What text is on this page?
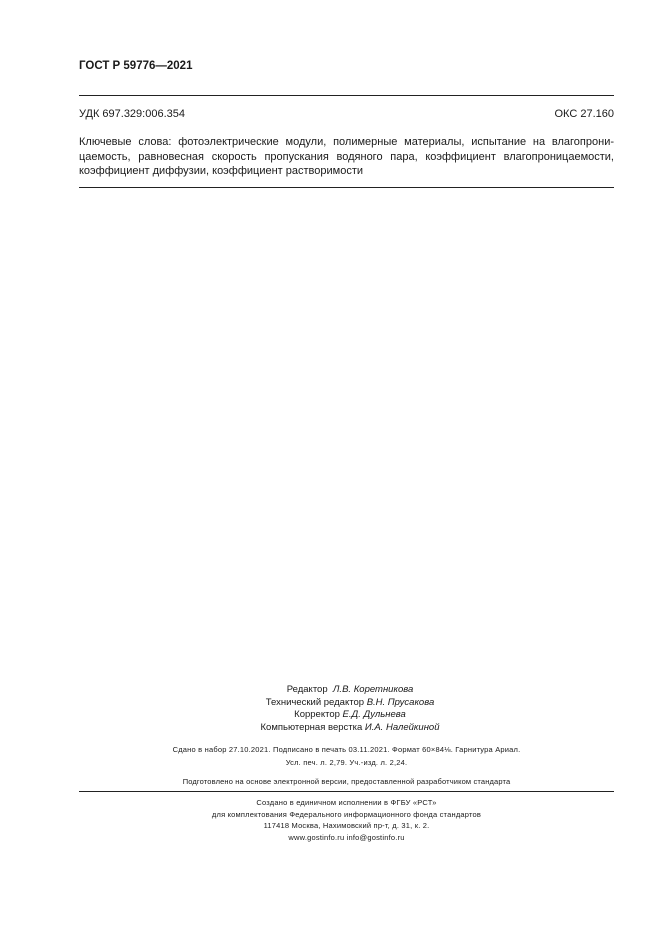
ГОСТ Р 59776—2021
УДК 697.329:006.354	ОКС 27.160
Ключевые слова: фотоэлектрические модули, полимерные материалы, испытание на влагопрони-цаемость, равновесная скорость пропускания водяного пара, коэффициент влагопроницаемости, коэффициент диффузии, коэффициент растворимости
Редактор Л.В. Коретникова
Технический редактор В.Н. Прусакова
Корректор Е.Д. Дульнева
Компьютерная верстка И.А. Налейкиной
Сдано в набор 27.10.2021. Подписано в печать 03.11.2021. Формат 60×84⅛. Гарнитура Ариал.
Усл. печ. л. 2,79. Уч.-изд. л. 2,24.
Подготовлено на основе электронной версии, предоставленной разработчиком стандарта
Создано в единичном исполнении в ФГБУ «РСТ»
для комплектования Федерального информационного фонда стандартов
117418 Москва, Нахимовский пр-т, д. 31, к. 2.
www.gostinfo.ru info@gostinfo.ru
